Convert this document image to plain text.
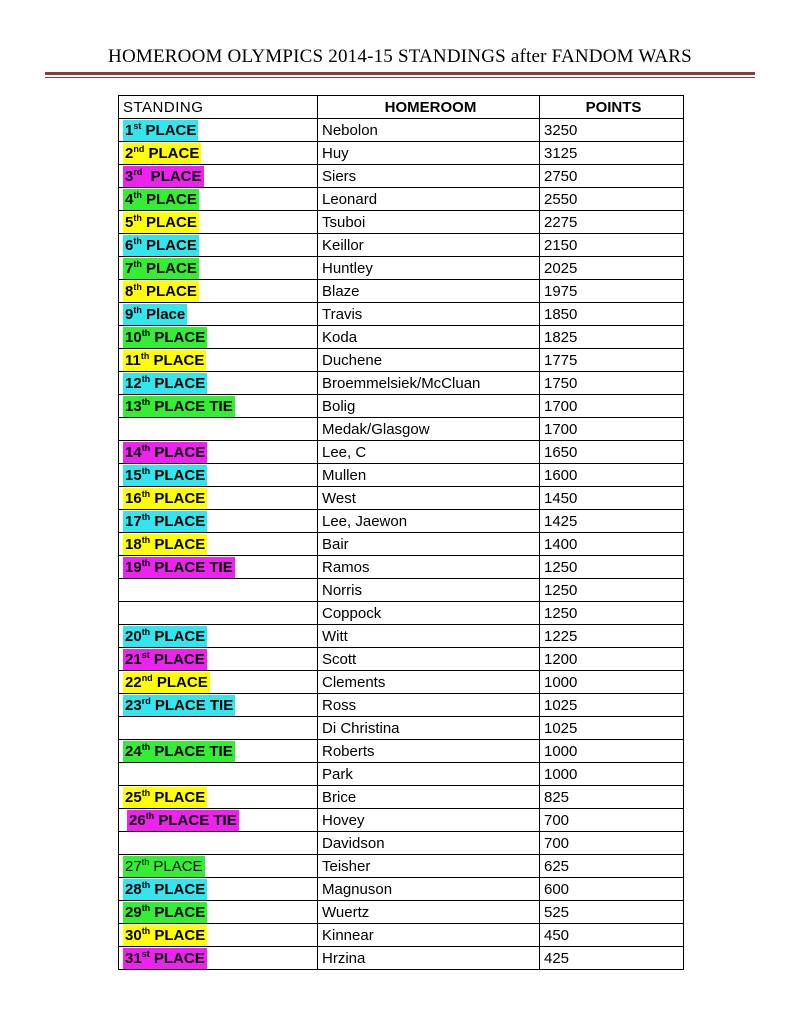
HOMEROOM OLYMPICS 2014-15 STANDINGS after FANDOM WARS
STANDING	HOMEROOM	POINTS
1st PLACE	Nebolon	3250
2nd PLACE	Huy	3125
3rd  PLACE	Siers	2750
4th PLACE	Leonard	2550
5th PLACE	Tsuboi	2275
6th PLACE	Keillor	2150
7th PLACE	Huntley	2025
8th PLACE	Blaze	1975
9th Place	Travis	1850
10th PLACE	Koda	1825
11th PLACE	Duchene	1775
12th PLACE	Broemmelsiek/McCluan	1750
13th PLACE TIE	Bolig	1700
	Medak/Glasgow	1700
14th PLACE	Lee, C	1650
15th PLACE	Mullen	1600
16th PLACE	West	1450
17th PLACE	Lee, Jaewon	1425
18th PLACE	Bair	1400
19th PLACE TIE	Ramos	1250
	Norris	1250
	Coppock	1250
20th PLACE	Witt	1225
21st PLACE	Scott	1200
22nd PLACE	Clements	1000
23rd PLACE TIE	Ross	1025
	Di Christina	1025
24th PLACE TIE	Roberts	1000
	Park	1000
25th PLACE	Brice	825
26th PLACE TIE	Hovey	700
	Davidson	700
27th PLACE	Teisher	625
28th PLACE	Magnuson	600
29th PLACE	Wuertz	525
30th PLACE	Kinnear	450
31st PLACE	Hrzina	425
